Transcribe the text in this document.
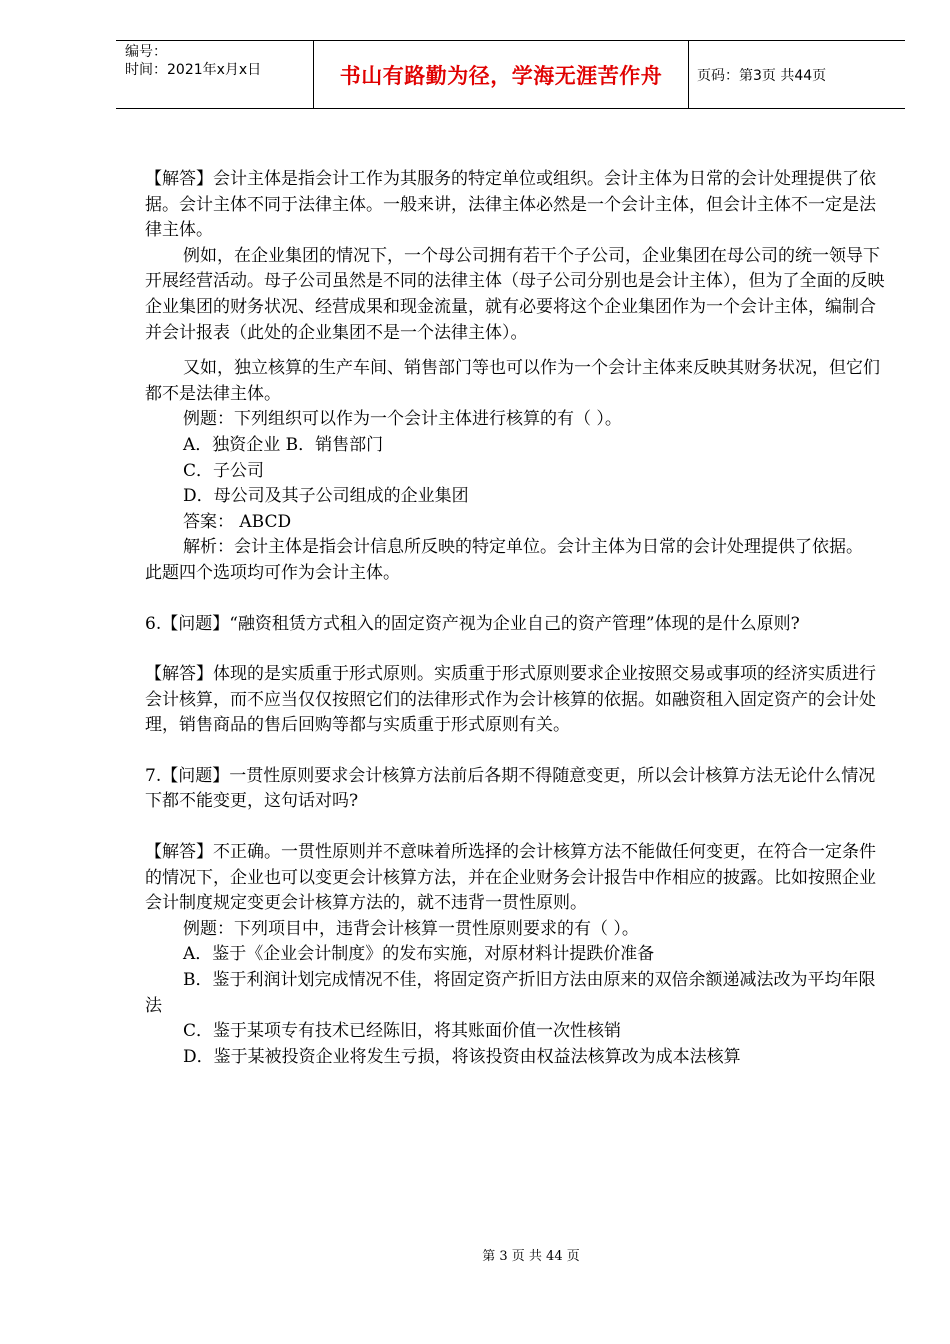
编号：
时间：2021年x月x日	书山有路勤为径，学海无涯苦作舟	页码：第3页 共44页

【解答】会计主体是指会计工作为其服务的特定单位或组织。会计主体为日常的会计处理提供了依据。会计主体不同于法律主体。一般来讲，法律主体必然是一个会计主体，但会计主体不一定是法律主体。

例如，在企业集团的情况下，一个母公司拥有若干个子公司，企业集团在母公司的统一领导下开展经营活动。母子公司虽然是不同的法律主体（母子公司分别也是会计主体），但为了全面的反映企业集团的财务状况、经营成果和现金流量，就有必要将这个企业集团作为一个会计主体，编制合并会计报表（此处的企业集团不是一个法律主体）。

又如，独立核算的生产车间、销售部门等也可以作为一个会计主体来反映其财务状况，但它们都不是法律主体。

例题：下列组织可以作为一个会计主体进行核算的有（ ）。

A．独资企业 B．销售部门

C．子公司

D．母公司及其子公司组成的企业集团

答案： ABCD

解析：会计主体是指会计信息所反映的特定单位。会计主体为日常的会计处理提供了依据。 此题四个选项均可作为会计主体。

6.【问题】“融资租赁方式租入的固定资产视为企业自己的资产管理”体现的是什么原则?

【解答】体现的是实质重于形式原则。实质重于形式原则要求企业按照交易或事项的经济实质进行会计核算，而不应当仅仅按照它们的法律形式作为会计核算的依据。如融资租入固定资产的会计处理，销售商品的售后回购等都与实质重于形式原则有关。

7.【问题】一贯性原则要求会计核算方法前后各期不得随意变更，所以会计核算方法无论什么情况下都不能变更，这句话对吗?

【解答】不正确。一贯性原则并不意味着所选择的会计核算方法不能做任何变更，在符合一定条件的情况下，企业也可以变更会计核算方法，并在企业财务会计报告中作相应的披露。比如按照企业会计制度规定变更会计核算方法的，就不违背一贯性原则。

例题：下列项目中，违背会计核算一贯性原则要求的有（ ）。

A．鉴于《企业会计制度》的发布实施，对原材料计提跌价准备

B．鉴于利润计划完成情况不佳，将固定资产折旧方法由原来的双倍余额递减法改为平均年限法

C．鉴于某项专有技术已经陈旧，将其账面价值一次性核销

D．鉴于某被投资企业将发生亏损，将该投资由权益法核算改为成本法核算

第 3 页 共 44 页
